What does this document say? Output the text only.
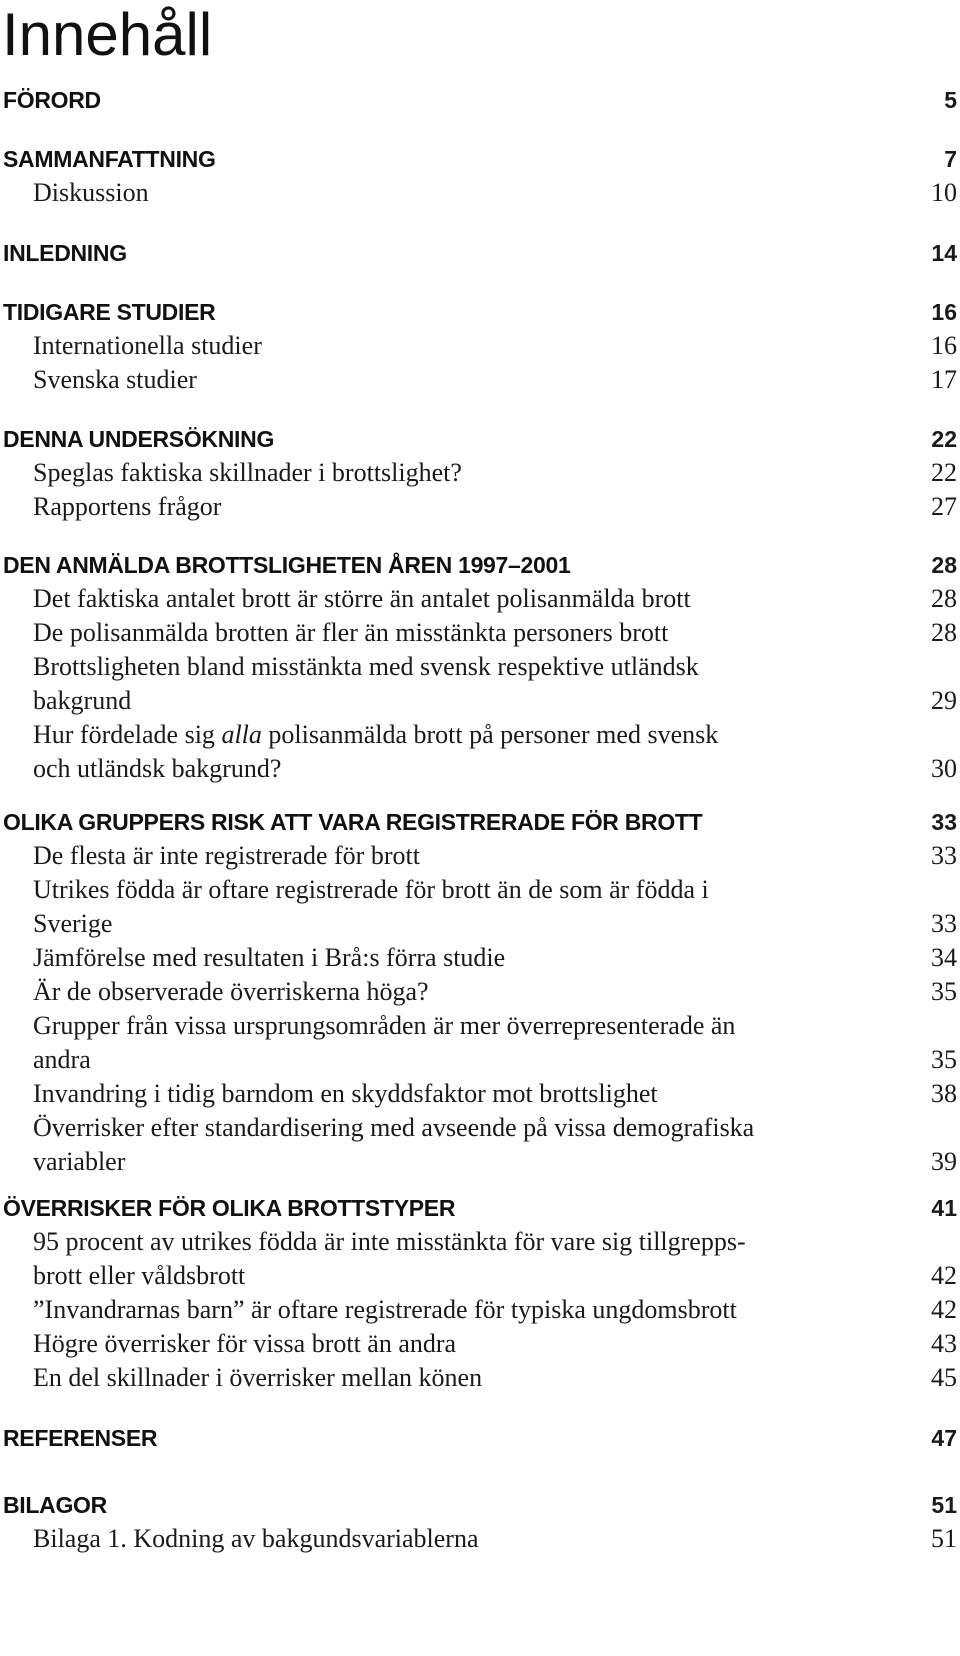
Innehåll
FÖRORD	5
SAMMANFATTNING	7
Diskussion	10
INLEDNING	14
TIDIGARE STUDIER	16
Internationella studier	16
Svenska studier	17
DENNA UNDERSÖKNING	22
Speglas faktiska skillnader i brottslighet?	22
Rapportens frågor	27
DEN ANMÄLDA BROTTSLIGHETEN ÅREN 1997–2001	28
Det faktiska antalet brott är större än antalet polisanmälda brott	28
De polisanmälda brotten är fler än misstänkta personers brott	28
Brottsligheten bland misstänkta med svensk respektive utländsk
bakgrund	29
Hur fördelade sig alla polisanmälda brott på personer med svensk
och utländsk bakgrund?	30
OLIKA GRUPPERS RISK ATT VARA REGISTRERADE FÖR BROTT	33
De flesta är inte registrerade för brott	33
Utrikes födda är oftare registrerade för brott än de som är födda i
Sverige	33
Jämförelse med resultaten i Brå:s förra studie	34
Är de observerade överriskerna höga?	35
Grupper från vissa ursprungsområden är mer överrepresenterade än
andra	35
Invandring i tidig barndom en skyddsfaktor mot brottslighet	38
Överrisker efter standardisering med avseende på vissa demografiska
variabler	39
ÖVERRISKER FÖR OLIKA BROTTSTYPER	41
95 procent av utrikes födda är inte misstänkta för vare sig tillgrepps-
brott eller våldsbrott	42
”Invandrarnas barn” är oftare registrerade för typiska ungdomsbrott	42
Högre överrisker för vissa brott än andra	43
En del skillnader i överrisker mellan könen	45
REFERENSER	47
BILAGOR	51
Bilaga 1. Kodning av bakgundsvariablerna	51
